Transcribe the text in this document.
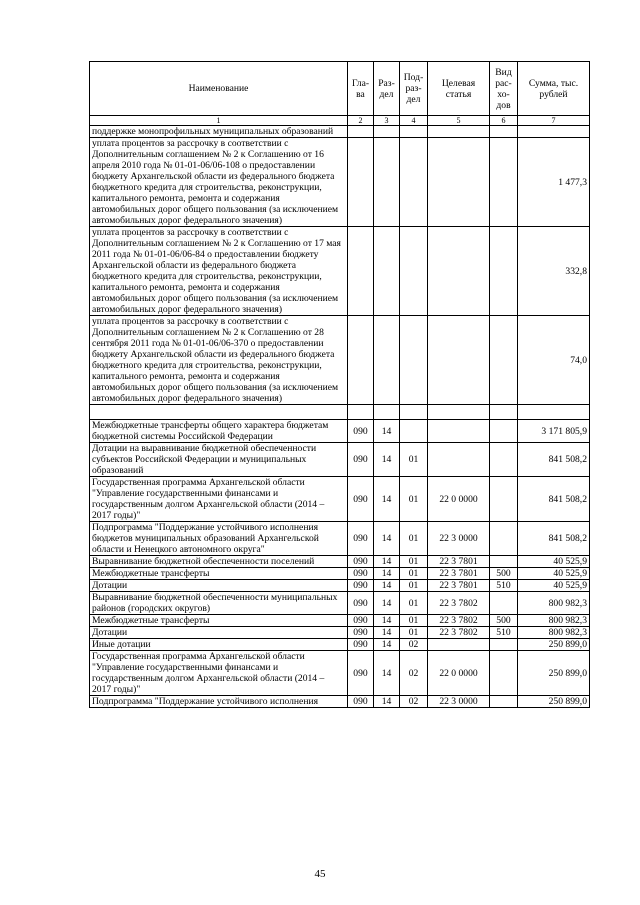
Наименование	Гла-ва	Раз-дел	Под-раз-дел	Целевая статья	Вид рас-хо-дов	Сумма, тыс. рублей
1	2	3	4	5	6	7
поддержке монопрофильных муниципальных образований						
уплата процентов за рассрочку в соответствии с Дополнительным соглашением № 2 к Соглашению от 16 апреля 2010 года № 01-01-06/06-108 о предоставлении бюджету Архангельской области из федерального бюджета бюджетного кредита для строительства, реконструкции, капитального ремонта, ремонта и содержания автомобильных дорог общего пользования (за исключением автомобильных дорог федерального значения)						1 477,3
уплата процентов за рассрочку в соответствии с Дополнительным соглашением № 2 к Соглашению от 17 мая 2011 года № 01-01-06/06-84 о предоставлении бюджету Архангельской области из федерального бюджета бюджетного кредита для строительства, реконструкции, капитального ремонта, ремонта и содержания автомобильных дорог общего пользования (за исключением автомобильных дорог федерального значения)						332,8
уплата процентов за рассрочку в соответствии с Дополнительным соглашением № 2 к Соглашению от 28 сентября 2011 года № 01-01-06/06-370 о предоставлении бюджету Архангельской области из федерального бюджета бюджетного кредита для строительства, реконструкции, капитального ремонта, ремонта и содержания автомобильных дорог общего пользования (за исключением автомобильных дорог федерального значения)						74,0

Межбюджетные трансферты общего характера бюджетам бюджетной системы Российской Федерации	090	14				3 171 805,9
Дотации на выравнивание бюджетной обеспеченности субъектов Российской Федерации и муниципальных образований	090	14	01			841 508,2
Государственная программа Архангельской области "Управление государственными финансами и государственным долгом Архангельской области (2014 – 2017 годы)"	090	14	01	22 0 0000		841 508,2
Подпрограмма "Поддержание устойчивого исполнения бюджетов муниципальных образований Архангельской области и Ненецкого автономного округа"	090	14	01	22 3 0000		841 508,2
Выравнивание бюджетной обеспеченности поселений	090	14	01	22 3 7801		40 525,9
Межбюджетные трансферты	090	14	01	22 3 7801	500	40 525,9
Дотации	090	14	01	22 3 7801	510	40 525,9
Выравнивание бюджетной обеспеченности муниципальных районов (городских округов)	090	14	01	22 3 7802		800 982,3
Межбюджетные трансферты	090	14	01	22 3 7802	500	800 982,3
Дотации	090	14	01	22 3 7802	510	800 982,3
Иные дотации	090	14	02			250 899,0
Государственная программа Архангельской области "Управление государственными финансами и государственным долгом Архангельской области (2014 – 2017 годы)"	090	14	02	22 0 0000		250 899,0
Подпрограмма "Поддержание устойчивого исполнения	090	14	02	22 3 0000		250 899,0
45
